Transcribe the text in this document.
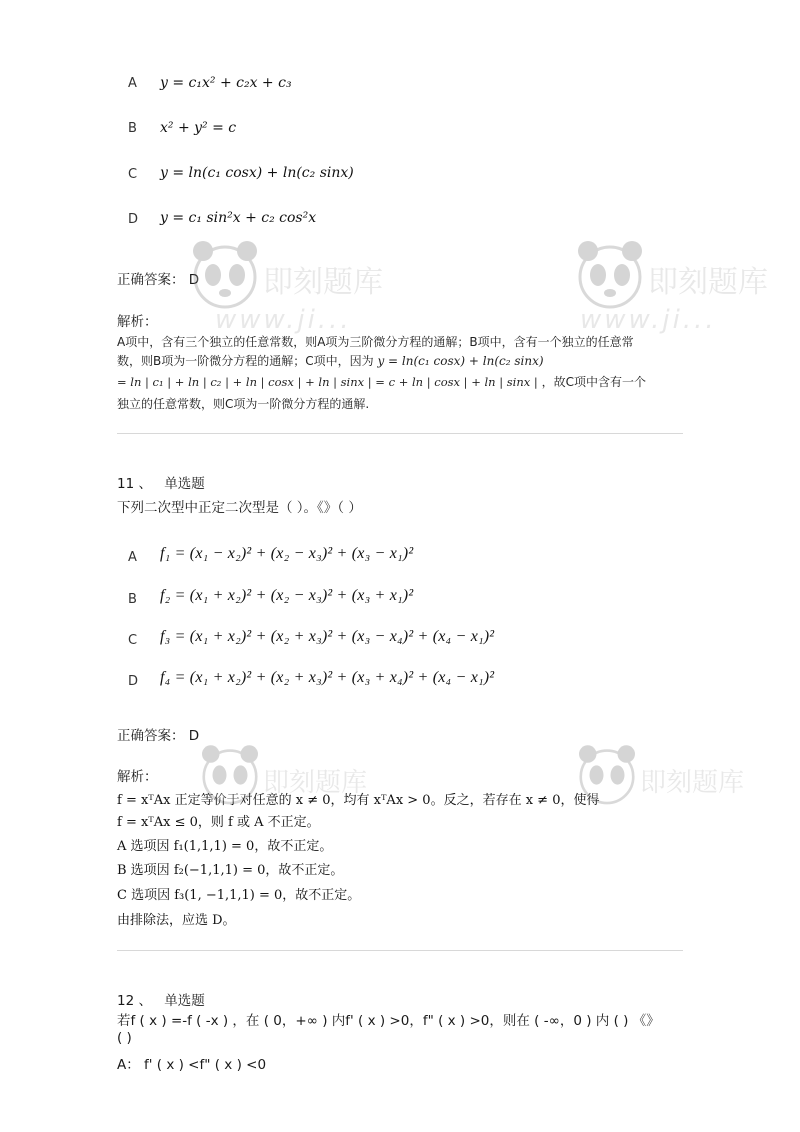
A y = c₁x² + c₂x + c₃
B x² + y² = c
C y = ln(c₁ cosx) + ln(c₂ sinx)
D y = c₁ sin²x + c₂ cos²x
正确答案： D
解析：
A项中，含有三个独立的任意常数，则A项为三阶微分方程的通解；B项中，含有一个独立的任意常
数，则B项为一阶微分方程的通解；C项中，因为 y = ln(c₁ cosx) + ln(c₂ sinx)
= ln | c₁ | + ln | c₂ | + ln | cosx | + ln | sinx | = c + ln | cosx | + ln | sinx | ，故C项中含有一个
独立的任意常数，则C项为一阶微分方程的通解.
11 、 单选题
下列二次型中正定二次型是（ ）。《》（ ）
A f₁ = (x₁ − x₂)² + (x₂ − x₃)² + (x₃ − x₁)²
B f₂ = (x₁ + x₂)² + (x₂ − x₃)² + (x₃ + x₁)²
C f₃ = (x₁ + x₂)² + (x₂ + x₃)² + (x₃ − x₄)² + (x₄ − x₁)²
D f₄ = (x₁ + x₂)² + (x₂ + x₃)² + (x₃ + x₄)² + (x₄ − x₁)²
正确答案： D
解析：
f = xᵀAx 正定等价于对任意的 x ≠ 0，均有 xᵀAx > 0。反之，若存在 x ≠ 0，使得
f = xᵀAx ≤ 0，则 f 或 A 不正定。
A 选项因 f₁(1,1,1) = 0，故不正定。
B 选项因 f₂(−1,1,1) = 0，故不正定。
C 选项因 f₃(1, −1,1,1) = 0，故不正定。
由排除法，应选 D。
12 、 单选题
若f ( x ) =-f ( -x ) ，在 ( 0，+∞ ) 内f' ( x ) >0，f" ( x ) >0，则在 ( -∞，0 ) 内 ( ) 《》
( )
A： f' ( x ) <f" ( x ) <0
即刻题库
www.ji...
即刻题库
www.ji...
即刻题库	即刻题库
